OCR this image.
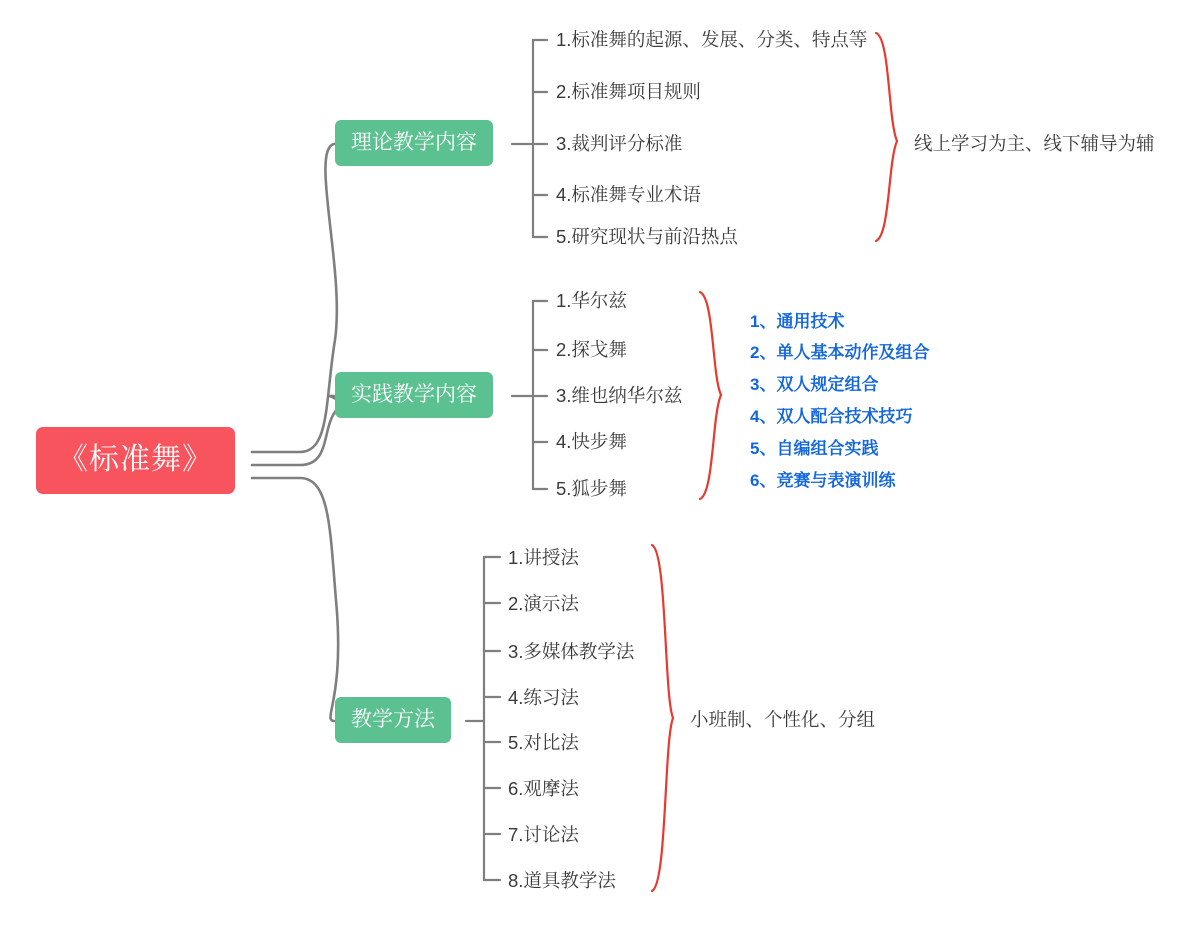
《标准舞》
理论教学内容
1.标准舞的起源、发展、分类、特点等
2.标准舞项目规则
3.裁判评分标准
4.标准舞专业术语
5.研究现状与前沿热点
线上学习为主、线下辅导为辅
实践教学内容
1.华尔兹
2.探戈舞
3.维也纳华尔兹
4.快步舞
5.狐步舞
1、通用技术
2、单人基本动作及组合
3、双人规定组合
4、双人配合技术技巧
5、自编组合实践
6、竞赛与表演训练
教学方法
1.讲授法
2.演示法
3.多媒体教学法
4.练习法
5.对比法
6.观摩法
7.讨论法
8.道具教学法
小班制、个性化、分组
